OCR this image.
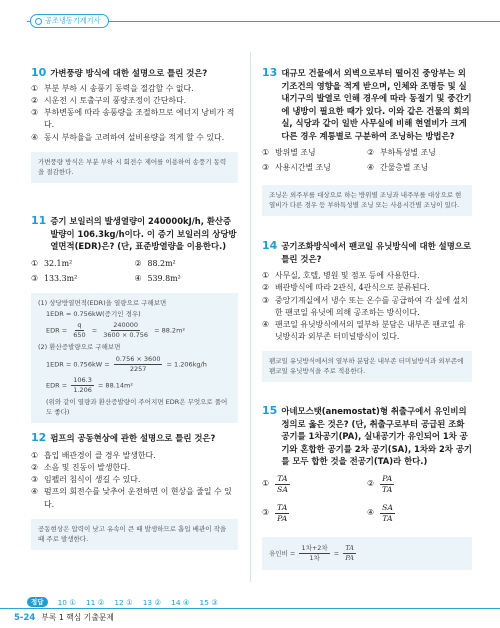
공조냉동기계기사
10 가변풍량 방식에 대한 설명으로 틀린 것은?
① 부분 부하 시 송풍기 동력을 절감할 수 없다.
② 시운전 시 토출구의 풍량조정이 간단하다.
③ 부하변동에 따라 송풍량을 조절하므로 에너지 낭비가 적다.
④ 동시 부하율을 고려하여 설비용량을 적게 할 수 있다.
가변풍량 방식은 부분 부하 시 회전수 제어를 이용하여 송풍기 동력을 절감한다.
11 증기 보일러의 발생열량이 240000kJ/h, 환산증발량이 106.3kg/h이다. 이 증기 보일러의 상당방열면적(EDR)은? (단, 표준방열량을 이용한다.)
① 32.1m²	② 88.2m²
③ 133.3m²	④ 539.8m²
(1) 상당방열면적(EDR)을 열량으로 구해보면
1EDR = 0.756kW(증기인 경우)
EDR = $\frac{q}{650} = \frac{240000}{3600 \times 0.756} = 88.2m^2$
(2) 환산증발량으로 구해보면
$1EDR = 0.756kW = \frac{0.756 \times 3600}{2257} = 1.206kg/h$
EDR = $\frac{106.3}{1.206} = 88.14m^2$
(위와 같이 열량과 환산증발량이 주어지면 EDR은 무엇으로 풀어도 좋다)
12 펌프의 공동현상에 관한 설명으로 틀린 것은?
① 흡입 배관경이 클 경우 발생한다.
② 소음 및 진동이 발생한다.
③ 임펠러 침식이 생길 수 있다.
④ 펌프의 회전수를 낮추어 운전하면 이 현상을 줄일 수 있다.
공동현상은 압력이 낮고 유속이 큰 때 발생하므로 흡입 배관이 작을 때 주로 발생한다.
13 대규모 건물에서 외벽으로부터 떨어진 중앙부는 외기조건의 영향을 적게 받으며, 인체와 조명등 및 실내기구의 발열로 인해 경우에 따라 동절기 및 중간기에 냉방이 필요한 때가 있다. 이와 같은 건물의 회의실, 식당과 같이 일반 사무실에 비해 현열비가 크게 다른 경우 계통별로 구분하여 조닝하는 방법은?
① 방위별 조닝	② 부하특성별 조닝
③ 사용시간별 조닝	④ 간물층별 조닝
조닝은 외주부를 대상으로 하는 방위별 조닝과 내주부를 대상으로 현열비가 다른 경우 등 부하특성별 조닝 또는 사용시간별 조닝이 있다.
14 공기조화방식에서 팬코일 유닛방식에 대한 설명으로 틀린 것은?
① 사무실, 호텔, 병원 및 점포 등에 사용한다.
② 배관방식에 따라 2관식, 4관식으로 분류된다.
③ 중앙기계실에서 냉수 또는 온수를 공급하여 각 실에 설치한 팬코일 유닛에 의해 공조하는 방식이다.
④ 팬코일 유닛방식에서의 열부하 분담은 내부존 팬코일 유닛방식과 외부존 터미널방식이 있다.
팬코일 유닛방식에서의 열부하 분담은 내부존 터미널방식과 외부존에 팬코일 유닛방식을 주로 적용한다.
15 아네모스탯(anemostat)형 취출구에서 유인비의 정의로 옳은 것은? (단, 취출구로부터 공급된 조화공기를 1차공기(PA), 실내공기가 유인되어 1차 공기와 혼합한 공기를 2차 공기(SA), 1차와 2차 공기를 모두 합한 것을 전공기(TA)라 한다.)
① $\frac{TA}{SA}$	② $\frac{PA}{TA}$
③ $\frac{TA}{PA}$	④ $\frac{SA}{TA}$
유인비 = $\frac{\text{1차+2차}}{\text{1차}} = \frac{TA}{PA}$
정답	10 ① 11 ② 12 ① 13 ② 14 ④ 15 ③
5-24 부록 1 핵심 기출문제
